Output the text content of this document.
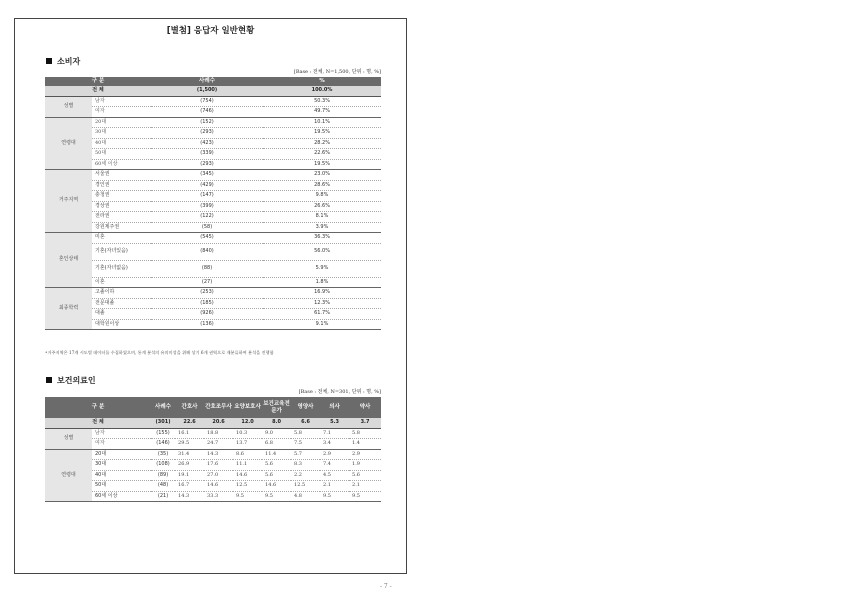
[별첨] 응답자 일반현황
소비자
[Base : 전체, N=1,500, 단위 : 명, %]
구 분		사례수	%
전 체		(1,500)	100.0%
성별	남자	(754)	50.3%
	여자	(746)	49.7%
연령대	20대	(152)	10.1%
	30대	(293)	19.5%
	40대	(423)	28.2%
	50대	(339)	22.6%
	60세 이상	(293)	19.5%
거주지역	서울권	(345)	23.0%
	경인권	(429)	28.6%
	충청권	(147)	9.8%
	경상권	(399)	26.6%
	전라권	(122)	8.1%
	강원제주권	(58)	3.9%
혼인상태	미혼	(545)	36.3%
	기혼(자녀있음)	(840)	56.0%
	기혼(자녀없음)	(88)	5.9%
	이혼	(27)	1.8%
최종학력	고졸이하	(253)	16.9%
	전문대졸	(185)	12.3%
	대졸	(926)	61.7%
	대학원이상	(136)	9.1%
•거주지역은 17개 시도별 데이터를 수집하였으며, 통계 분석의 유의미성을 위해 상기 6개 권역으로 재분류하여 분석을 진행함
보건의료인
[Base : 전체, N=301, 단위 : 명, %]
구 분		사례수	간호사	간호조무사	요양보호사	보건교육전문가	영양사	의사	약사
전 체		(301)	22.6	20.6	12.0	8.0	6.6	5.3	3.7
성별	남자	(155)	16.1	18.8	10.3	9.0	5.8	7.1	5.8
	여자	(146)	29.5	24.7	13.7	6.8	7.5	3.4	1.4
연령대	20대	(35)	31.4	14.3	8.6	11.4	5.7	2.9	2.9
	30대	(108)	26.9	17.6	11.1	5.6	8.3	7.4	1.9
	40대	(89)	19.1	27.0	14.6	5.6	2.2	4.5	5.6
	50대	(48)	16.7	14.6	12.5	14.6	12.5	2.1	2.1
	60세 이상	(21)	14.3	33.3	9.5	9.5	4.8	9.5	9.5
- 7 -
